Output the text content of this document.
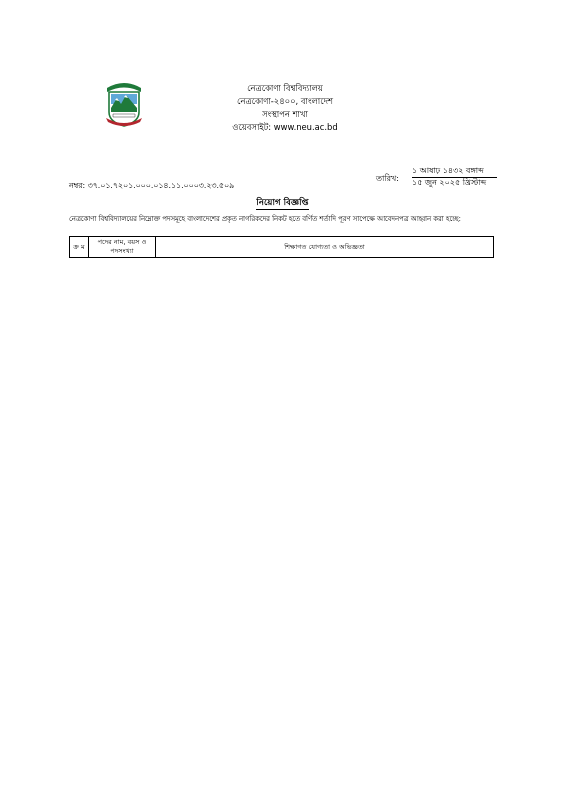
নেত্রকোণা বিশ্ববিদ্যালয়
নেত্রকোণা-২৪০০, বাংলাদেশ
সংস্থাপন শাখা
ওয়েবসাইট: www.neu.ac.bd
তারিখ:
১ আষাঢ় ১৪৩২ বঙ্গাব্দ
১৫ জুন ২০২৫ খ্রিস্টাব্দ
নম্বর: ৩৭.০১.৭২০১.০০০.০১৪.১১.০০০৩.২৩.৫০৯
নিয়োগ বিজ্ঞপ্তি
নেত্রকোণা বিশ্ববিদ্যালয়ের নিম্নোক্ত পদসমূহে বাংলাদেশের প্রকৃত নাগরিকদের নিকট হতে বর্ণিত শর্তাদি পূরণ সাপেক্ষে আবেদনপত্র আহ্বান করা হচ্ছে:
ক্র ম	পদের নাম, বয়স ও পদসংখ্যা	শিক্ষাগত যোগ্যতা ও অভিজ্ঞতা
